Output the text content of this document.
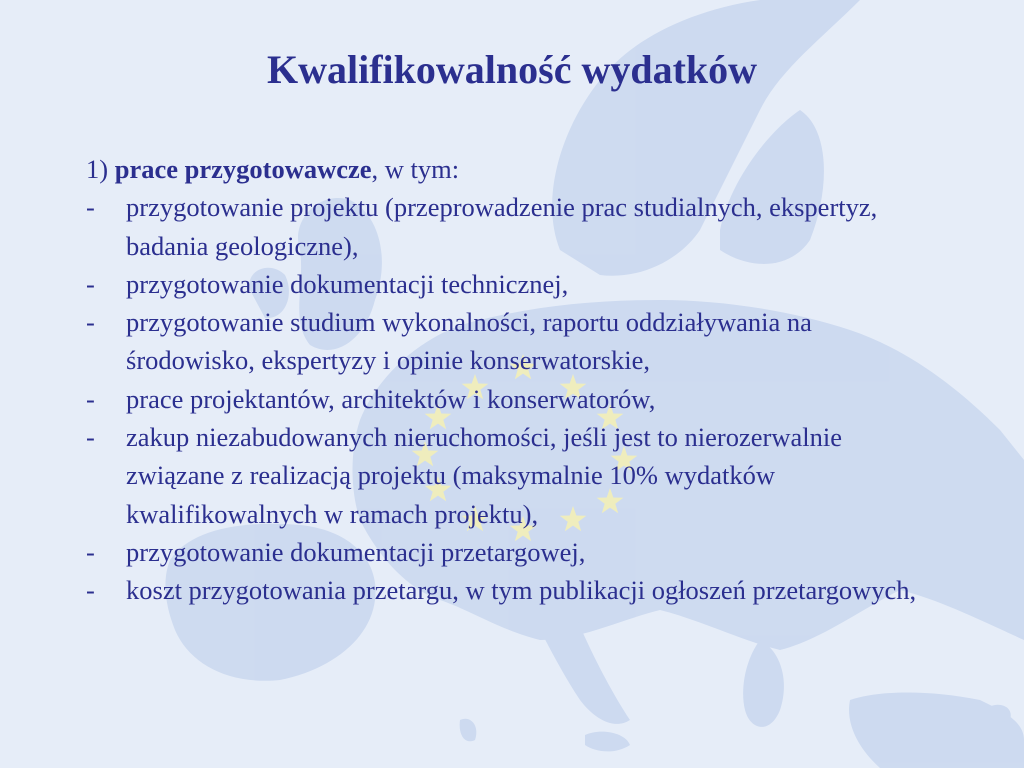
Kwalifikowalność wydatków

1) prace przygotowawcze, w tym:

- przygotowanie projektu (przeprowadzenie prac studialnych, ekspertyz, badania geologiczne),
- przygotowanie dokumentacji technicznej,
- przygotowanie studium wykonalności, raportu oddziaływania na środowisko, ekspertyzy i opinie konserwatorskie,
- prace projektantów, architektów i konserwatorów,
- zakup niezabudowanych nieruchomości, jeśli jest to nierozerwalnie związane z realizacją projektu (maksymalnie 10% wydatków kwalifikowalnych w ramach projektu),
- przygotowanie dokumentacji przetargowej,
- koszt przygotowania przetargu, w tym publikacji ogłoszeń przetargowych,
